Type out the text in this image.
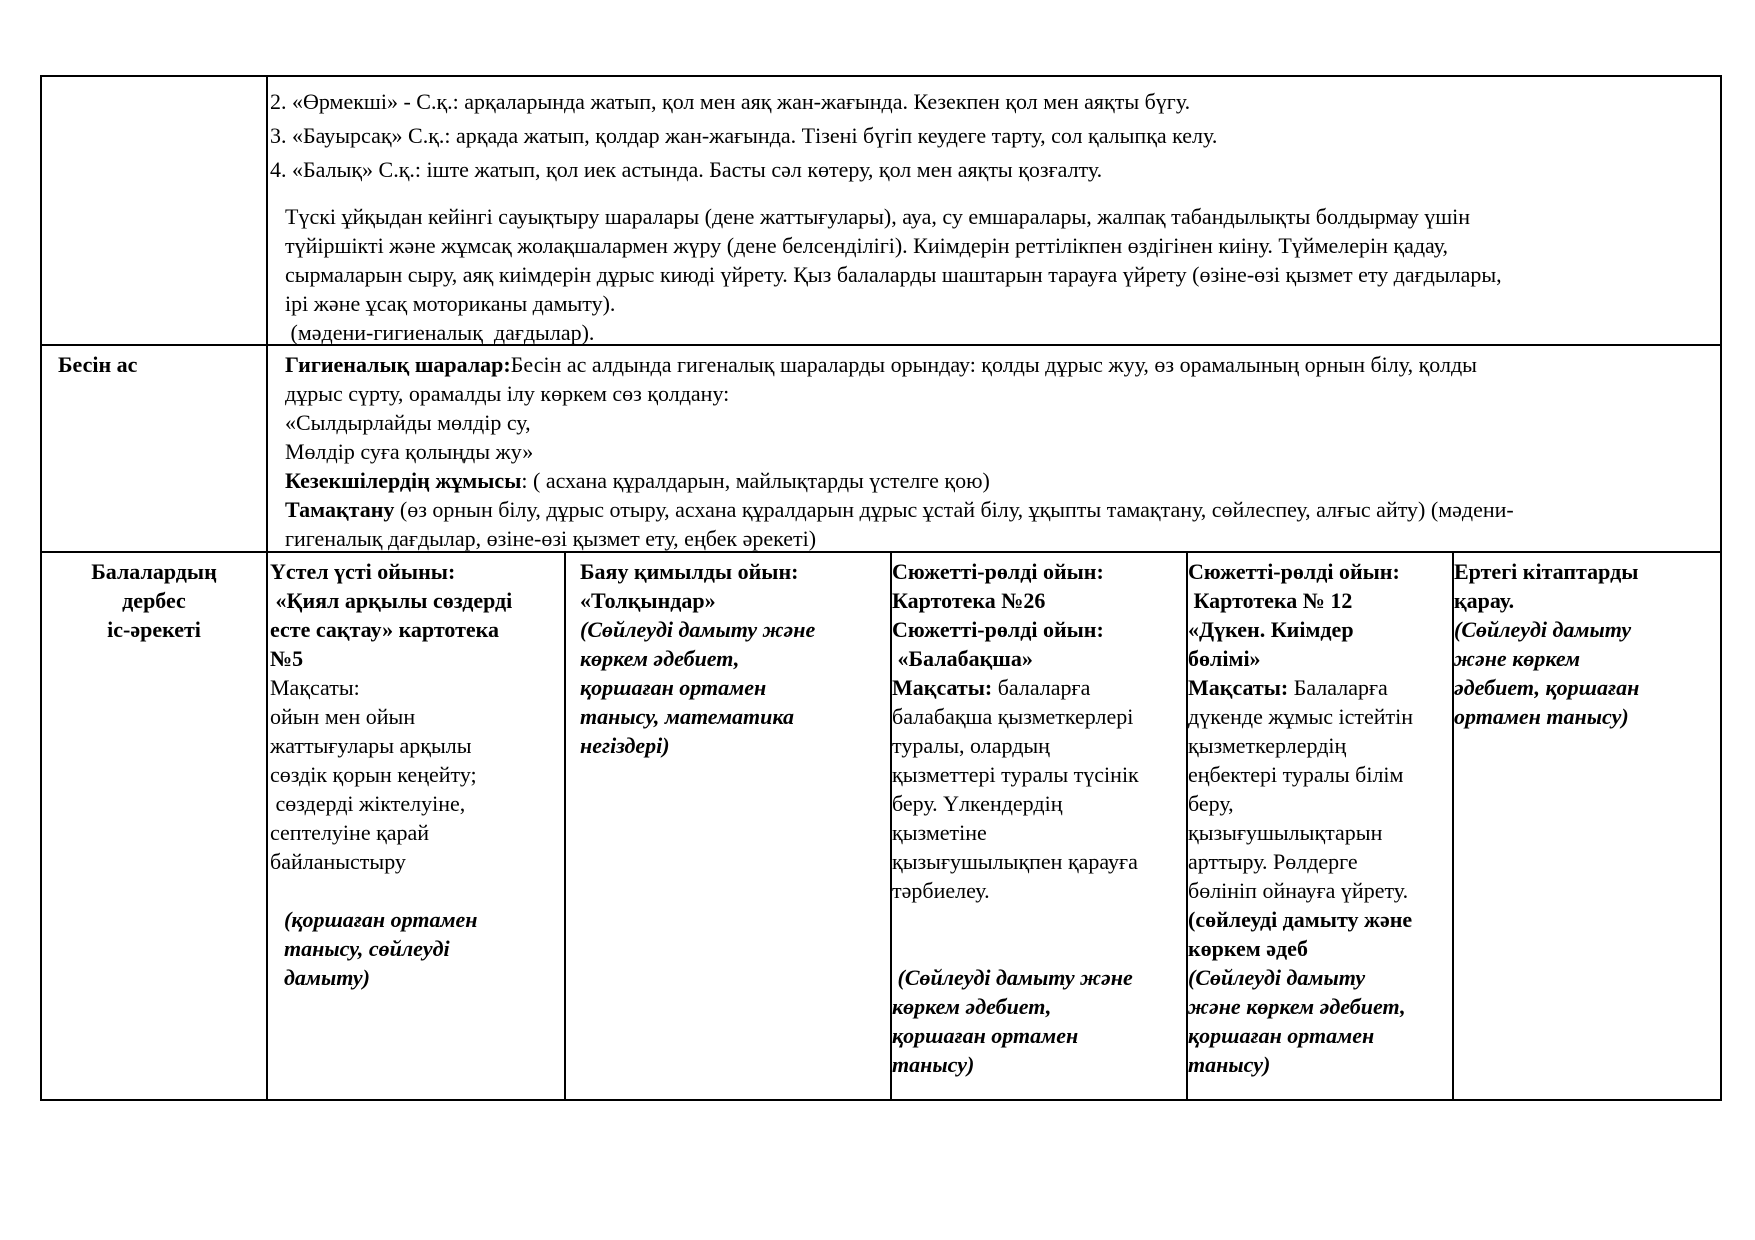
2. «Өрмекші» - С.қ.: арқаларында жатып, қол мен аяқ жан-жағында. Кезекпен қол мен аяқты бүгу.

3. «Бауырсақ» С.қ.: арқада жатып, қолдар жан-жағында. Тізені бүгіп кеудеге тарту, сол қалыпқа келу.

4. «Балық» С.қ.: іште жатып, қол иек астында. Басты сәл көтеру, қол мен аяқты қозғалту.

Түскі ұйқыдан кейінгі сауықтыру шаралары (дене жаттығулары), ауа, су емшаралары, жалпақ табандылықты болдырмау үшін

түйіршікті және жұмсақ жолақшалармен жүру (дене белсенділігі). Киімдерін реттілікпен өздігінен киіну. Түймелерін қадау,

сырмаларын сыру, аяқ киімдерін дұрыс киюді үйрету. Қыз балаларды шаштарын тарауға үйрету (өзіне-өзі қызмет ету дағдылары,

ірі және ұсақ моториканы дамыту).

(мәдени-гигиеналық  дағдылар).

Бесін ас	Гигиеналық шаралар:Бесін ас алдында гигеналық шараларды орындау: қолды дұрыс жуу, өз орамалының орнын білу, қолды

дұрыс сүрту, орамалды ілу көркем сөз қолдану:

«Сылдырлайды мөлдір су,

Мөлдір суға қолыңды жу»

Кезекшілердің жұмысы: ( асхана құралдарын, майлықтарды үстелге қою)

Тамақтану (өз орнын білу, дұрыс отыру, асхана құралдарын дұрыс ұстай білу, ұқыпты тамақтану, сөйлеспеу, алғыс айту) (мәдени-

гигеналық дағдылар, өзіне-өзі қызмет ету, еңбек әрекеті)

Балалардың

дербес

іс-әрекеті

Үстел үсті ойыны:

«Қиял арқылы сөздерді

есте сақтау» картотека

№5

Мақсаты:

ойын мен ойын

жаттығулары арқылы

сөздік қорын кеңейту;

сөздерді жіктелуіне,

септелуіне қарай

байланыстыру

(қоршаған ортамен

танысу, сөйлеуді

дамыту)

Баяу қимылды ойын:

«Толқындар»

(Сөйлеуді дамыту және

көркем әдебиет,

қоршаған ортамен

танысу, математика

негіздері)

Сюжетті-рөлді ойын:

Картотека №26

Сюжетті-рөлді ойын:

«Балабақша»

Мақсаты: балаларға

балабақша қызметкерлері

туралы, олардың

қызметтері туралы түсінік

беру. Үлкендердің

қызметіне

қызығушылықпен қарауға

тәрбиелеу.

(Сөйлеуді дамыту және

көркем әдебиет,

қоршаған ортамен

танысу)

Сюжетті-рөлді ойын:

Картотека № 12

«Дүкен. Киімдер

бөлімі»

Мақсаты: Балаларға

дүкенде жұмыс істейтін

қызметкерлердің

еңбектері туралы білім

беру,

қызығушылықтарын

арттыру. Рөлдерге

бөлініп ойнауға үйрету.

(сөйлеуді дамыту және

көркем әдеб

(Сөйлеуді дамыту

және көркем әдебиет,

қоршаған ортамен

танысу)

Ертегі кітаптарды

қарау.

(Сөйлеуді дамыту

және көркем

әдебиет, қоршаған

ортамен танысу)
